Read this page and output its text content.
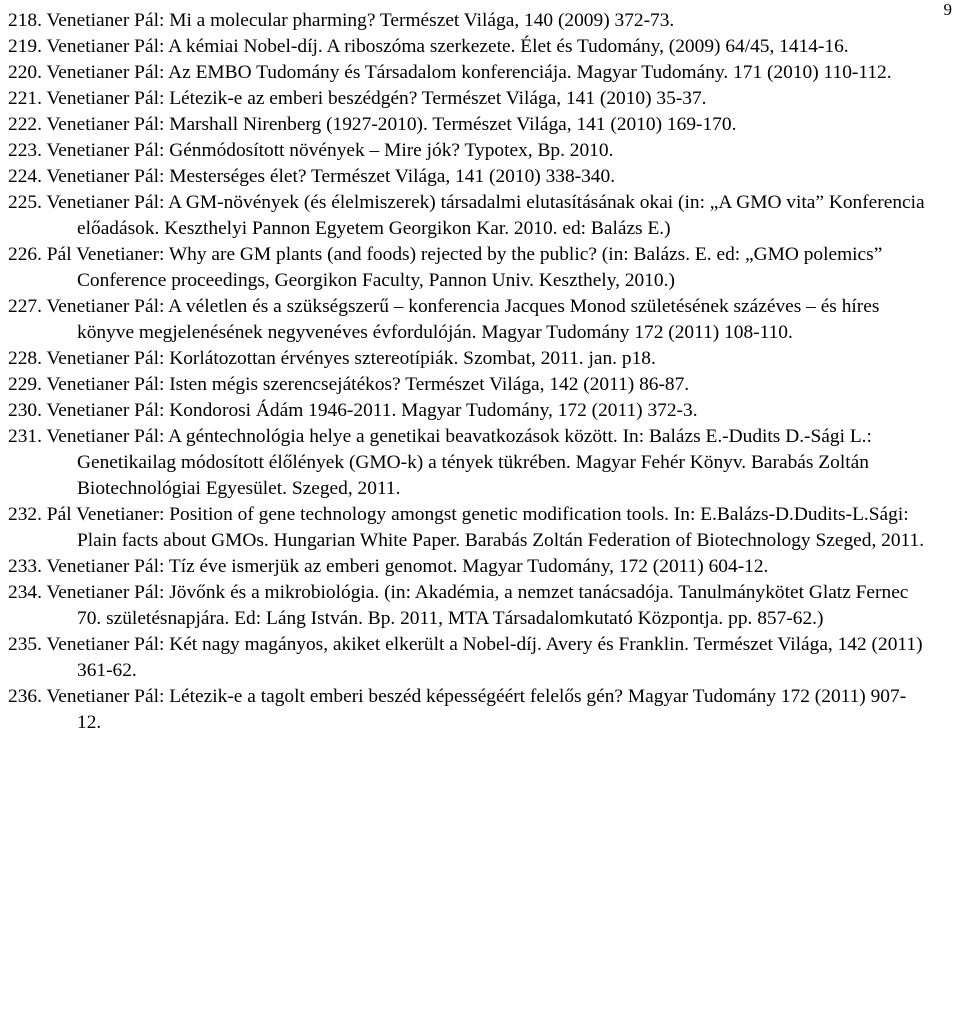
9
218. Venetianer Pál: Mi a molecular pharming? Természet Világa, 140 (2009) 372-73.
219. Venetianer Pál: A kémiai Nobel-díj. A riboszóma szerkezete. Élet és Tudomány, (2009) 64/45, 1414-16.
220. Venetianer Pál: Az EMBO Tudomány és Társadalom konferenciája. Magyar Tudomány. 171 (2010) 110-112.
221. Venetianer Pál: Létezik-e az emberi beszédgén? Természet Világa, 141 (2010) 35-37.
222. Venetianer Pál: Marshall Nirenberg (1927-2010). Természet Világa, 141 (2010) 169-170.
223. Venetianer Pál: Génmódosított növények – Mire jók? Typotex, Bp. 2010.
224. Venetianer Pál: Mesterséges élet? Természet Világa, 141 (2010) 338-340.
225. Venetianer Pál: A GM-növények (és élelmiszerek) társadalmi elutasításának okai (in: „A GMO vita” Konferencia előadások. Keszthelyi Pannon Egyetem Georgikon Kar. 2010. ed: Balázs E.)
226. Pál Venetianer: Why are GM plants (and foods) rejected by the public? (in: Balázs. E. ed: „GMO polemics” Conference proceedings, Georgikon Faculty, Pannon Univ. Keszthely, 2010.)
227. Venetianer Pál: A véletlen és a szükségszerű – konferencia Jacques Monod születésének százéves – és híres könyve megjelenésének negyvenéves évfordulóján. Magyar Tudomány 172 (2011) 108-110.
228. Venetianer Pál: Korlátozottan érvényes sztereotípiák. Szombat, 2011. jan. p18.
229. Venetianer Pál: Isten mégis szerencsejátékos? Természet Világa, 142 (2011) 86-87.
230. Venetianer Pál: Kondorosi Ádám 1946-2011. Magyar Tudomány, 172 (2011) 372-3.
231. Venetianer Pál: A géntechnológia helye a genetikai beavatkozások között. In: Balázs E.-Dudits D.-Sági L.: Genetikailag módosított élőlények (GMO-k) a tények tükrében. Magyar Fehér Könyv. Barabás Zoltán Biotechnológiai Egyesület. Szeged, 2011.
232. Pál Venetianer: Position of gene technology amongst genetic modification tools. In: E.Balázs-D.Dudits-L.Sági: Plain facts about GMOs. Hungarian White Paper. Barabás Zoltán Federation of Biotechnology Szeged, 2011.
233. Venetianer Pál: Tíz éve ismerjük az emberi genomot. Magyar Tudomány, 172 (2011) 604-12.
234. Venetianer Pál: Jövőnk és a mikrobiológia. (in: Akadémia, a nemzet tanácsadója. Tanulmánykötet Glatz Fernec 70. születésnapjára. Ed: Láng István. Bp. 2011, MTA Társadalomkutató Központja. pp. 857-62.)
235. Venetianer Pál: Két nagy magányos, akiket elkerült a Nobel-díj. Avery és Franklin. Természet Világa, 142 (2011) 361-62.
236. Venetianer Pál: Létezik-e a tagolt emberi beszéd képességéért felelős gén? Magyar Tudomány 172 (2011) 907-12.
